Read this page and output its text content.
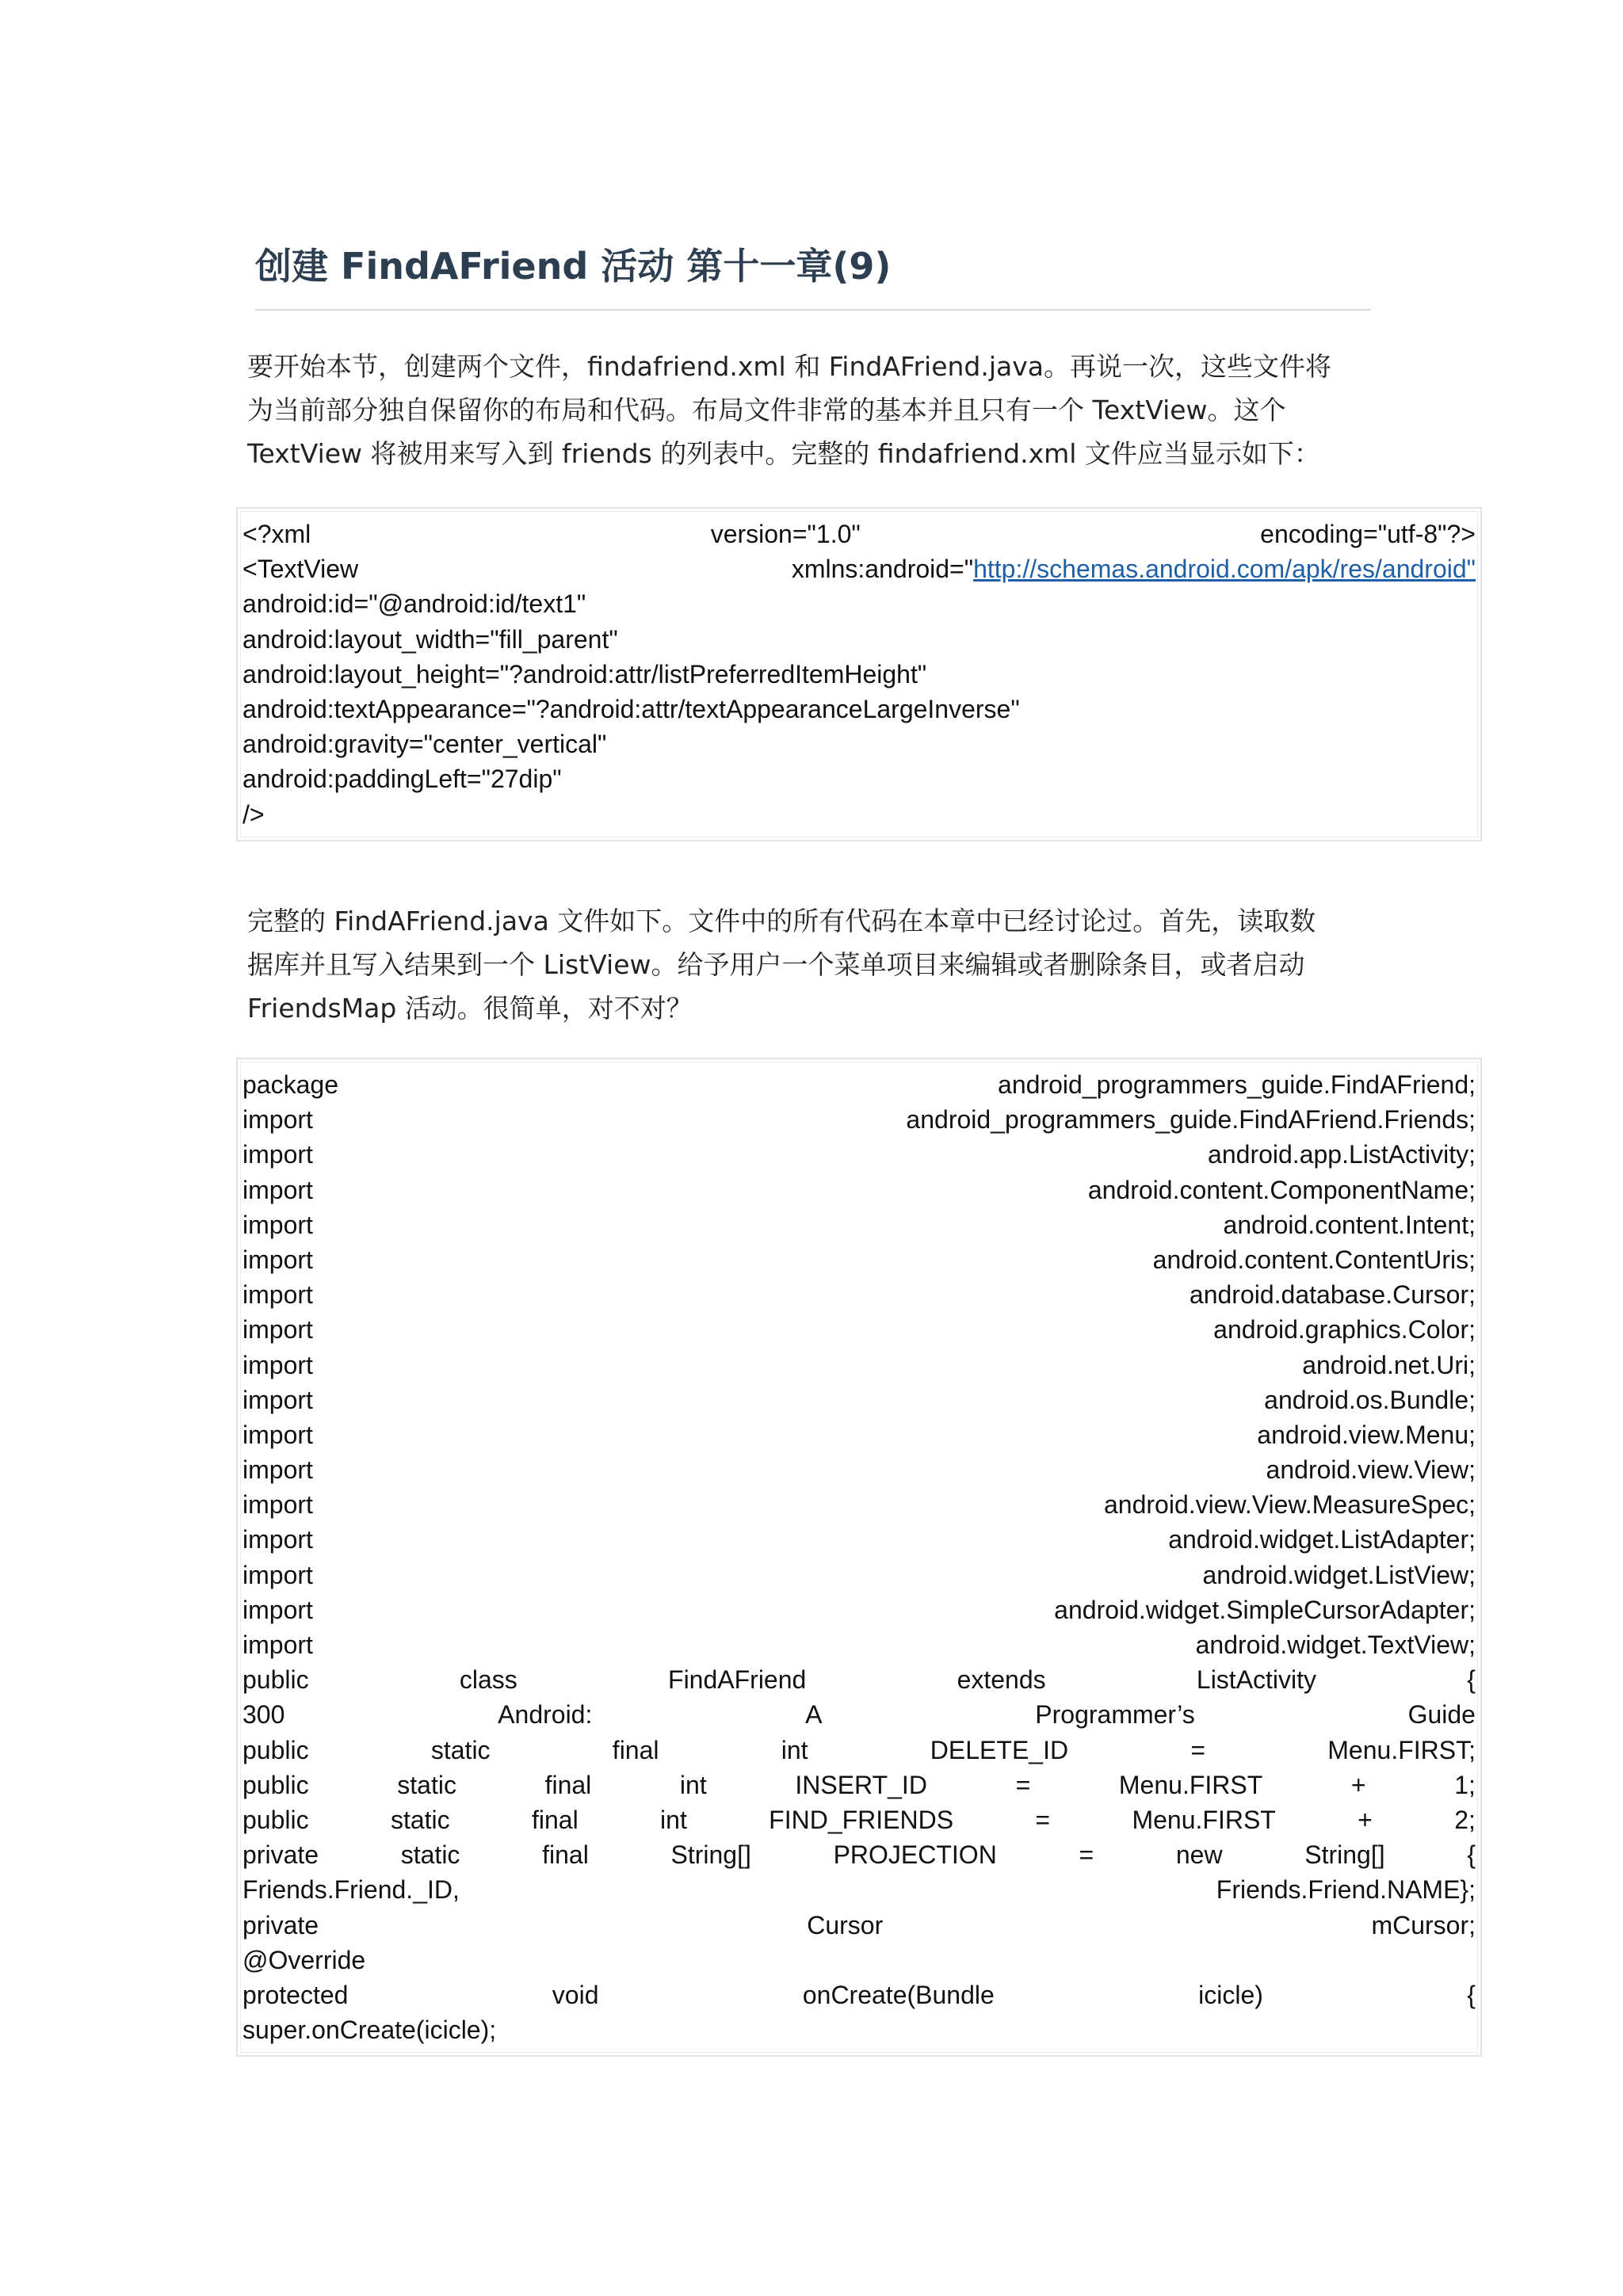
创建 FindAFriend 活动 第十一章(9)

要开始本节，创建两个文件，findafriend.xml 和 FindAFriend.java。再说一次，这些文件将
为当前部分独自保留你的布局和代码。布局文件非常的基本并且只有一个 TextView。这个
TextView 将被用来写入到 friends 的列表中。完整的 findafriend.xml 文件应当显示如下：

<?xml	version="1.0"	encoding="utf-8"?>
<TextView	xmlns:android="http://schemas.android.com/apk/res/android"
android:id="@android:id/text1"
android:layout_width="fill_parent"
android:layout_height="?android:attr/listPreferredItemHeight"
android:textAppearance="?android:attr/textAppearanceLargeInverse"
android:gravity="center_vertical"
android:paddingLeft="27dip"
/>

完整的 FindAFriend.java 文件如下。文件中的所有代码在本章中已经讨论过。首先，读取数
据库并且写入结果到一个 ListView。给予用户一个菜单项目来编辑或者删除条目，或者启动
FriendsMap 活动。很简单，对不对？

package	android_programmers_guide.FindAFriend;
import	android_programmers_guide.FindAFriend.Friends;
import	android.app.ListActivity;
import	android.content.ComponentName;
import	android.content.Intent;
import	android.content.ContentUris;
import	android.database.Cursor;
import	android.graphics.Color;
import	android.net.Uri;
import	android.os.Bundle;
import	android.view.Menu;
import	android.view.View;
import	android.view.View.MeasureSpec;
import	android.widget.ListAdapter;
import	android.widget.ListView;
import	android.widget.SimpleCursorAdapter;
import	android.widget.TextView;
public	class	FindAFriend	extends	ListActivity	{
300	Android:	A	Programmer’s	Guide
public	static	final	int	DELETE_ID	=	Menu.FIRST;
public	static	final	int	INSERT_ID	=	Menu.FIRST	+	1;
public	static	final	int	FIND_FRIENDS	=	Menu.FIRST	+	2;
private	static	final	String[]	PROJECTION	=	new	String[]	{
Friends.Friend._ID,	Friends.Friend.NAME};
private	Cursor	mCursor;
@Override
protected	void	onCreate(Bundle	icicle)	{
super.onCreate(icicle);
